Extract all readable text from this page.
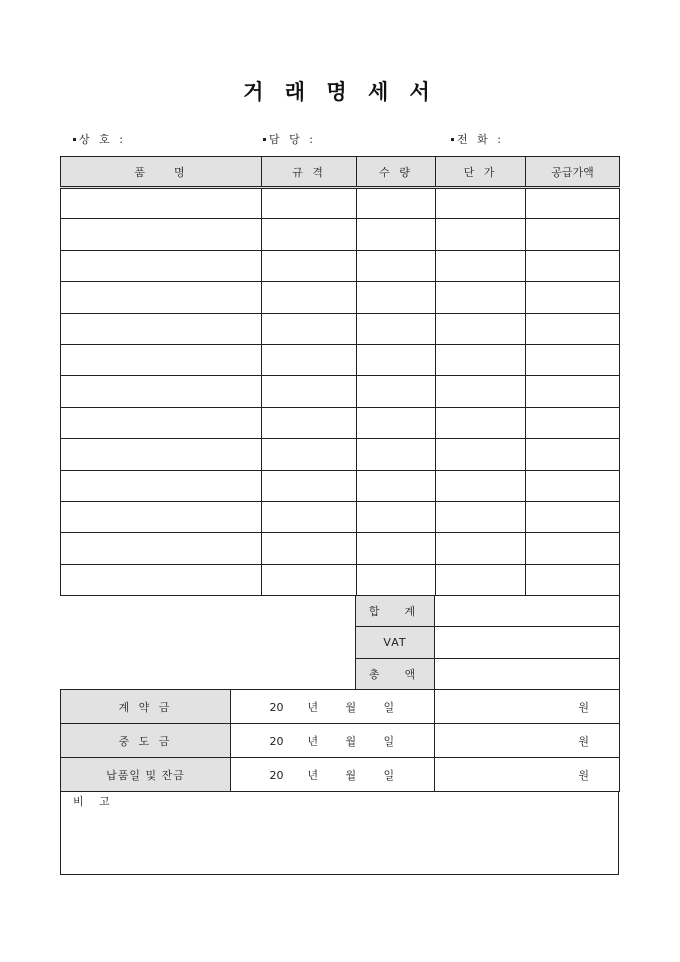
거 래 명 세 서
상 호 :	담 당 :	전 화 :
품    명	규 격	수 량	단 가	공급가액

합  계	
VAT	
총  액	
계 약 금	20 년 월 일	원
중 도 금	20 년 월 일	원
납품일 및 잔금	20 년 월 일	원
비 고
